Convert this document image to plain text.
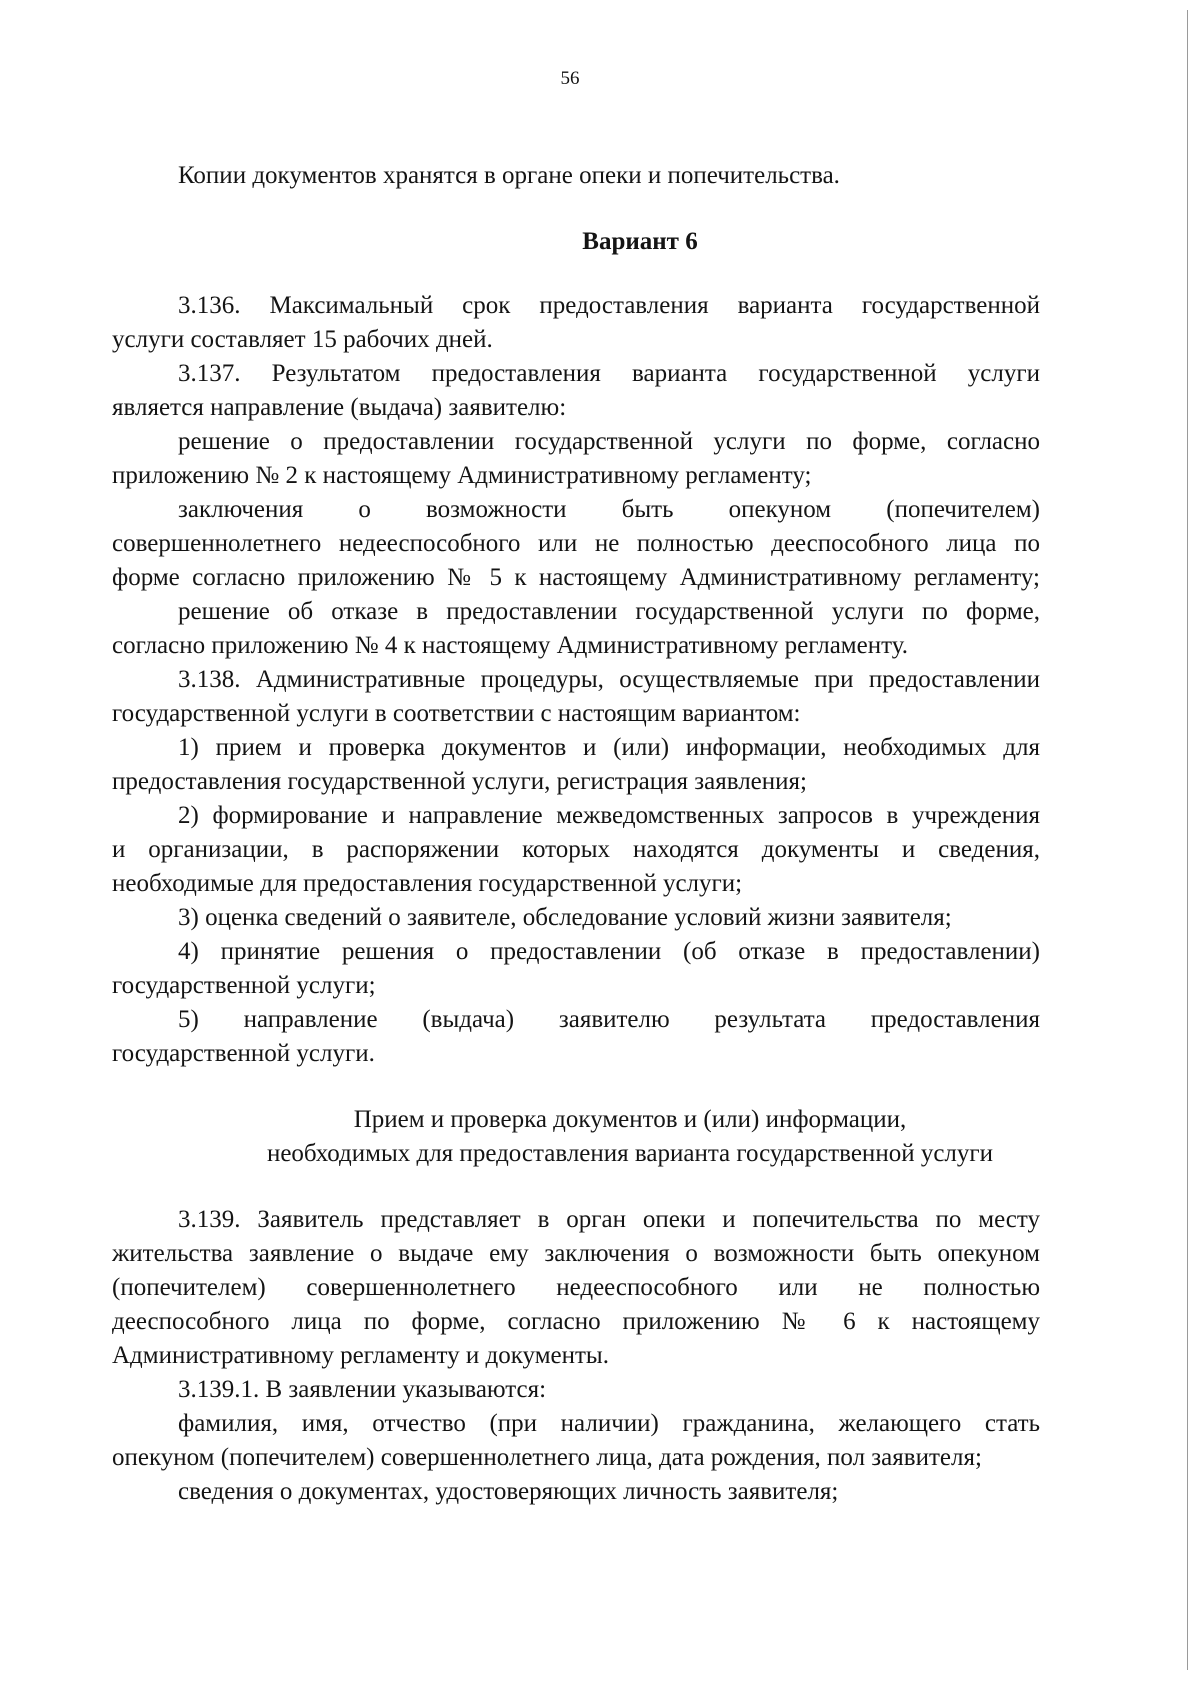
56
Копии документов хранятся в органе опеки и попечительства.
Вариант 6
3.136. Максимальный срок предоставления варианта государственной
услуги составляет 15 рабочих дней.
3.137. Результатом предоставления варианта государственной услуги
является направление (выдача) заявителю:
решение о предоставлении государственной услуги по форме, согласно
приложению № 2 к настоящему Административному регламенту;
заключения о возможности быть опекуном (попечителем)
совершеннолетнего недееспособного или не полностью дееспособного лица по
форме согласно приложению № 5 к настоящему Административному регламенту;
решение об отказе в предоставлении государственной услуги по форме,
согласно приложению № 4 к настоящему Административному регламенту.
3.138. Административные процедуры, осуществляемые при предоставлении
государственной услуги в соответствии с настоящим вариантом:
1) прием и проверка документов и (или) информации, необходимых для
предоставления государственной услуги, регистрация заявления;
2) формирование и направление межведомственных запросов в учреждения
и организации, в распоряжении которых находятся документы и сведения,
необходимые для предоставления государственной услуги;
3) оценка сведений о заявителе, обследование условий жизни заявителя;
4) принятие решения о предоставлении (об отказе в предоставлении)
государственной услуги;
5) направление (выдача) заявителю результата предоставления
государственной услуги.
Прием и проверка документов и (или) информации,
необходимых для предоставления варианта государственной услуги
3.139. Заявитель представляет в орган опеки и попечительства по месту
жительства заявление о выдаче ему заключения о возможности быть опекуном
(попечителем) совершеннолетнего недееспособного или не полностью
дееспособного лица по форме, согласно приложению № 6 к настоящему
Административному регламенту и документы.
3.139.1. В заявлении указываются:
фамилия, имя, отчество (при наличии) гражданина, желающего стать
опекуном (попечителем) совершеннолетнего лица, дата рождения, пол заявителя;
сведения о документах, удостоверяющих личность заявителя;
